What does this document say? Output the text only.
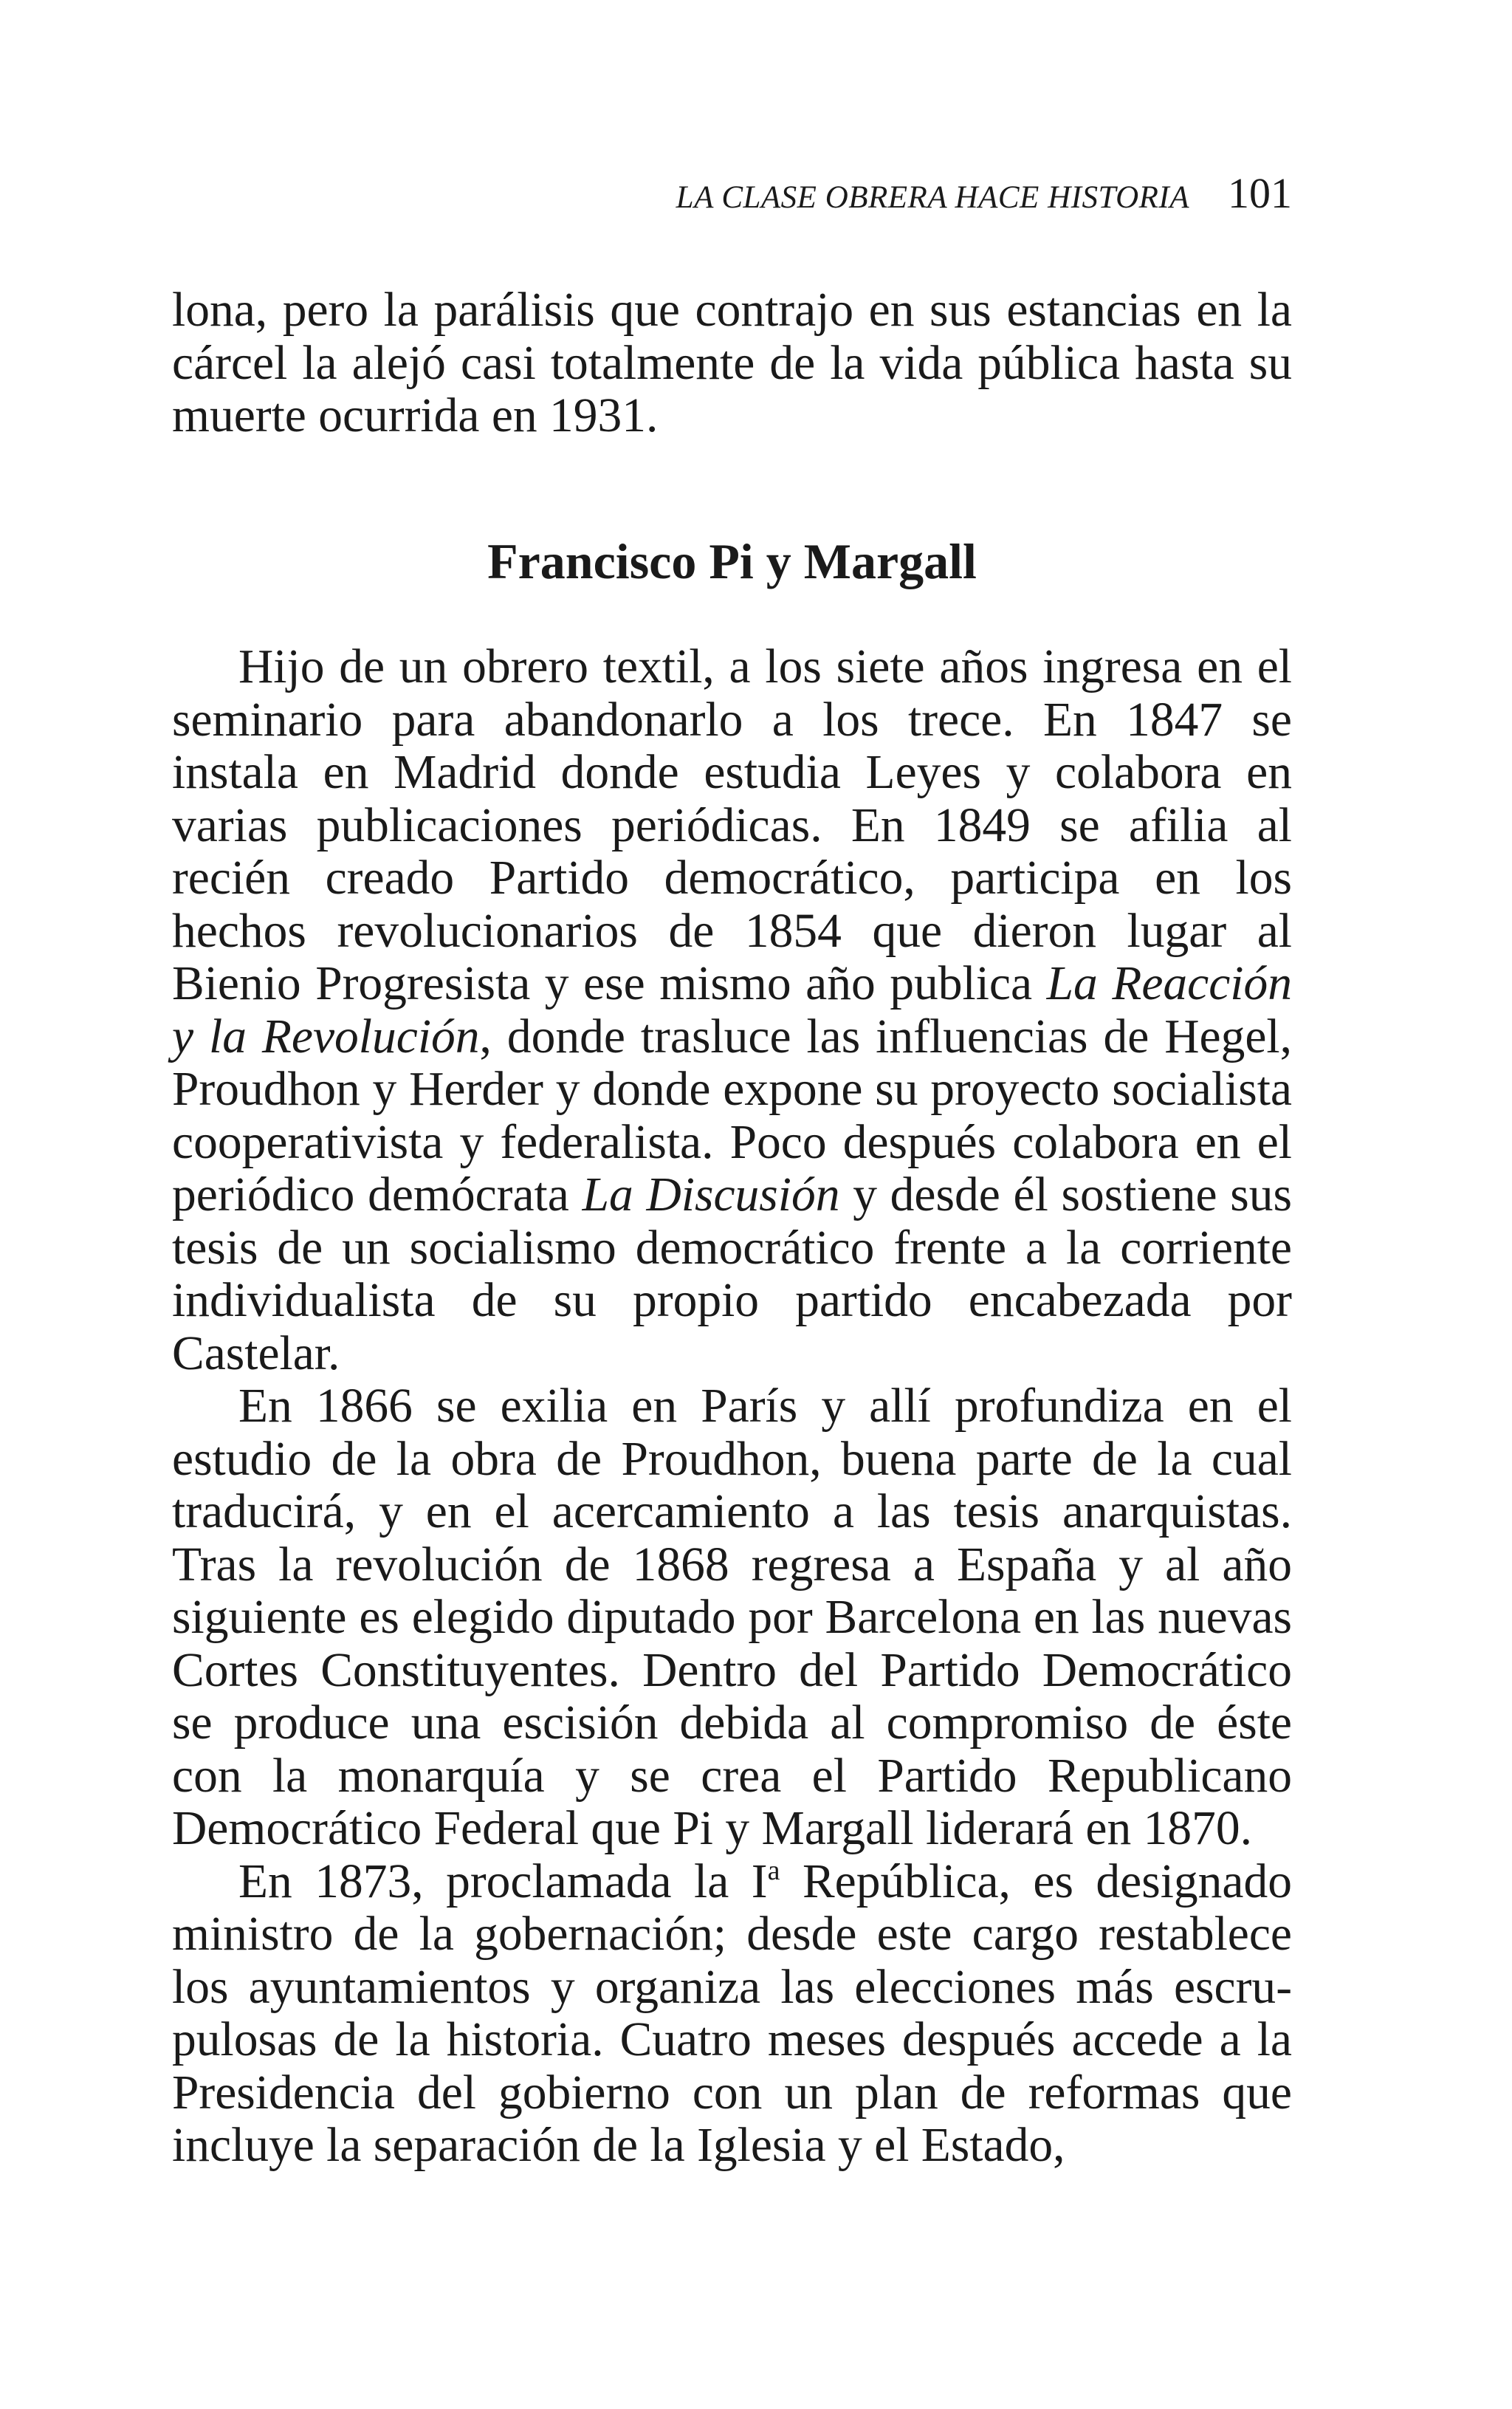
LA CLASE OBRERA HACE HISTORIA 101

lona, pero la parálisis que contrajo en sus estancias en la cárcel la alejó casi totalmente de la vida pública hasta su muerte ocurrida en 1931.

Francisco Pi y Margall

Hijo de un obrero textil, a los siete años ingresa en el seminario para abandonarlo a los trece. En 1847 se instala en Madrid donde estudia Leyes y colabora en varias publicaciones periódicas. En 1849 se afilia al recién creado Partido democrático, participa en los hechos revolucionarios de 1854 que dieron lugar al Bienio Progresista y ese mismo año publica La Reacción y la Revolución, donde trasluce las influencias de Hegel, Proudhon y Herder y donde expone su proyecto socialista cooperativista y federalista. Poco después colabora en el periódico demócrata La Discusión y desde él sostiene sus tesis de un socialismo democrático frente a la corriente individualista de su propio partido encabezada por Castelar.

En 1866 se exilia en París y allí profundiza en el estudio de la obra de Proudhon, buena parte de la cual traducirá, y en el acercamiento a las tesis anarquistas. Tras la revolución de 1868 regresa a España y al año siguiente es elegido diputado por Barcelona en las nuevas Cortes Constituyentes. Dentro del Partido Democrático se produce una escisión debida al compromiso de éste con la monarquía y se crea el Partido Republicano Democrático Federal que Pi y Margall liderará en 1870.

En 1873, proclamada la $I^a$ República, es designado ministro de la gobernación; desde este cargo restablece los ayuntamientos y organiza las elecciones más escrupulosas de la historia. Cuatro meses después accede a la Presidencia del gobierno con un plan de reformas que incluye la separación de la Iglesia y el Estado,
